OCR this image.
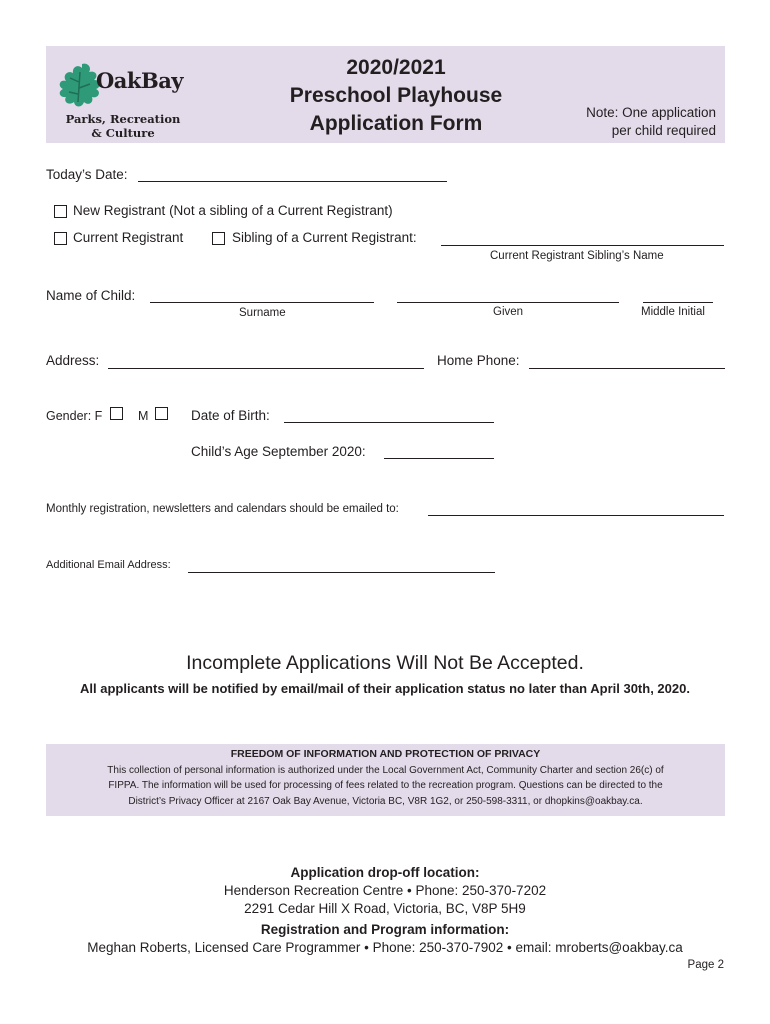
OakBay
Parks, Recreation
& Culture
2020/2021
Preschool Playhouse
Application Form	Note: One application
per child required
Today’s Date:
New Registrant (Not a sibling of a Current Registrant)
Current Registrant	Sibling of a Current Registrant:
Current Registrant Sibling’s Name
Name of Child:
Surname	Given	Middle Initial
Address:	Home Phone:
Gender: F	M	Date of Birth:
Child’s Age September 2020:
Monthly registration, newsletters and calendars should be emailed to:
Additional Email Address:
Incomplete Applications Will Not Be Accepted.
All applicants will be notified by email/mail of their application status no later than April 30th, 2020.
FREEDOM OF INFORMATION AND PROTECTION OF PRIVACY
This collection of personal information is authorized under the Local Government Act, Community Charter and section 26(c) of
FIPPA. The information will be used for processing of fees related to the recreation program. Questions can be directed to the
District’s Privacy Officer at 2167 Oak Bay Avenue, Victoria BC, V8R 1G2, or 250-598-3311, or dhopkins@oakbay.ca.
Application drop-off location:
Henderson Recreation Centre • Phone: 250-370-7202
2291 Cedar Hill X Road, Victoria, BC, V8P 5H9
Registration and Program information:
Meghan Roberts, Licensed Care Programmer • Phone: 250-370-7902 • email: mroberts@oakbay.ca
Page 2
